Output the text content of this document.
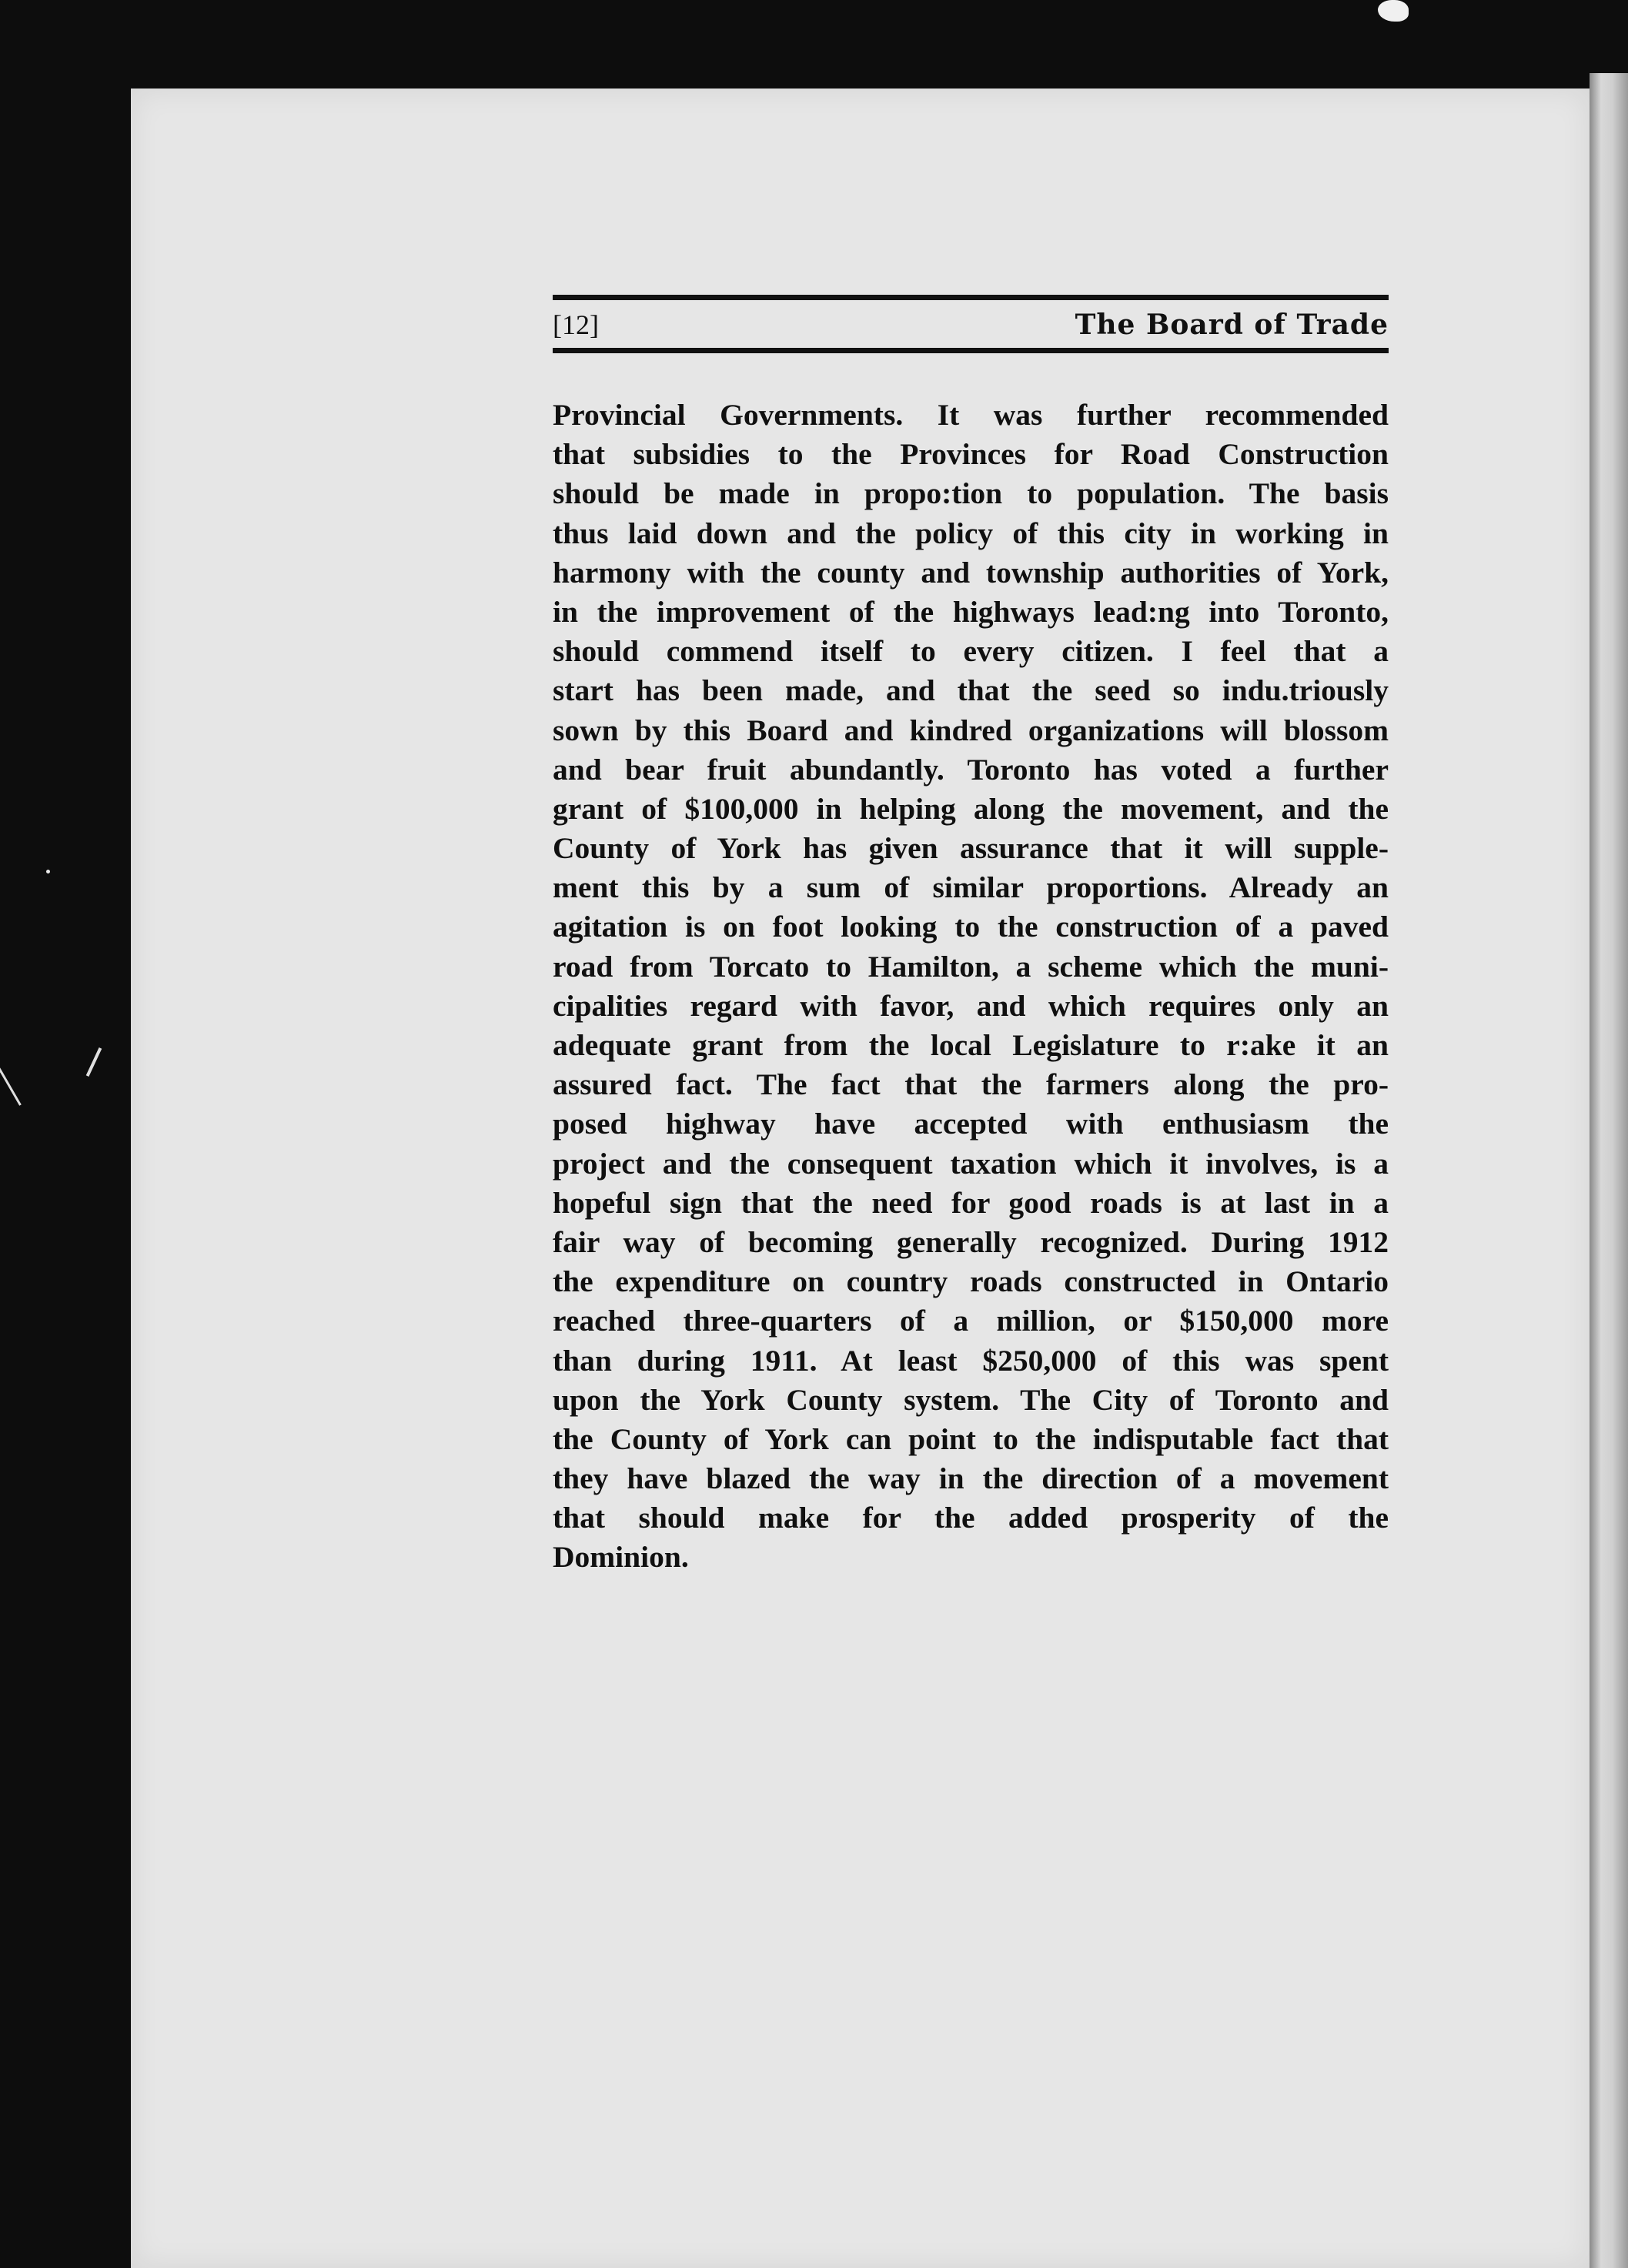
[12]	The Board of Trade
Provincial Governments. It was further recommended
that subsidies to the Provinces for Road Construction
should be made in propo:tion to population. The basis
thus laid down and the policy of this city in working in
harmony with the county and township authorities of York,
in the improvement of the highways lead:ng into Toronto,
should commend itself to every citizen. I feel that a
start has been made, and that the seed so indu.triously
sown by this Board and kindred organizations will blossom
and bear fruit abundantly. Toronto has voted a further
grant of $100,000 in helping along the movement, and the
County of York has given assurance that it will supple-
ment this by a sum of similar proportions. Already an
agitation is on foot looking to the construction of a paved
road from Torcato to Hamilton, a scheme which the muni-
cipalities regard with favor, and which requires only an
adequate grant from the local Legislature to r:ake it an
assured fact. The fact that the farmers along the pro-
posed highway have accepted with enthusiasm the
project and the consequent taxation which it involves, is a
hopeful sign that the need for good roads is at last in a
fair way of becoming generally recognized. During 1912
the expenditure on country roads constructed in Ontario
reached three-quarters of a million, or $150,000 more
than during 1911. At least $250,000 of this was spent
upon the York County system. The City of Toronto and
the County of York can point to the indisputable fact that
they have blazed the way in the direction of a movement
that should make for the added prosperity of the
Dominion.
